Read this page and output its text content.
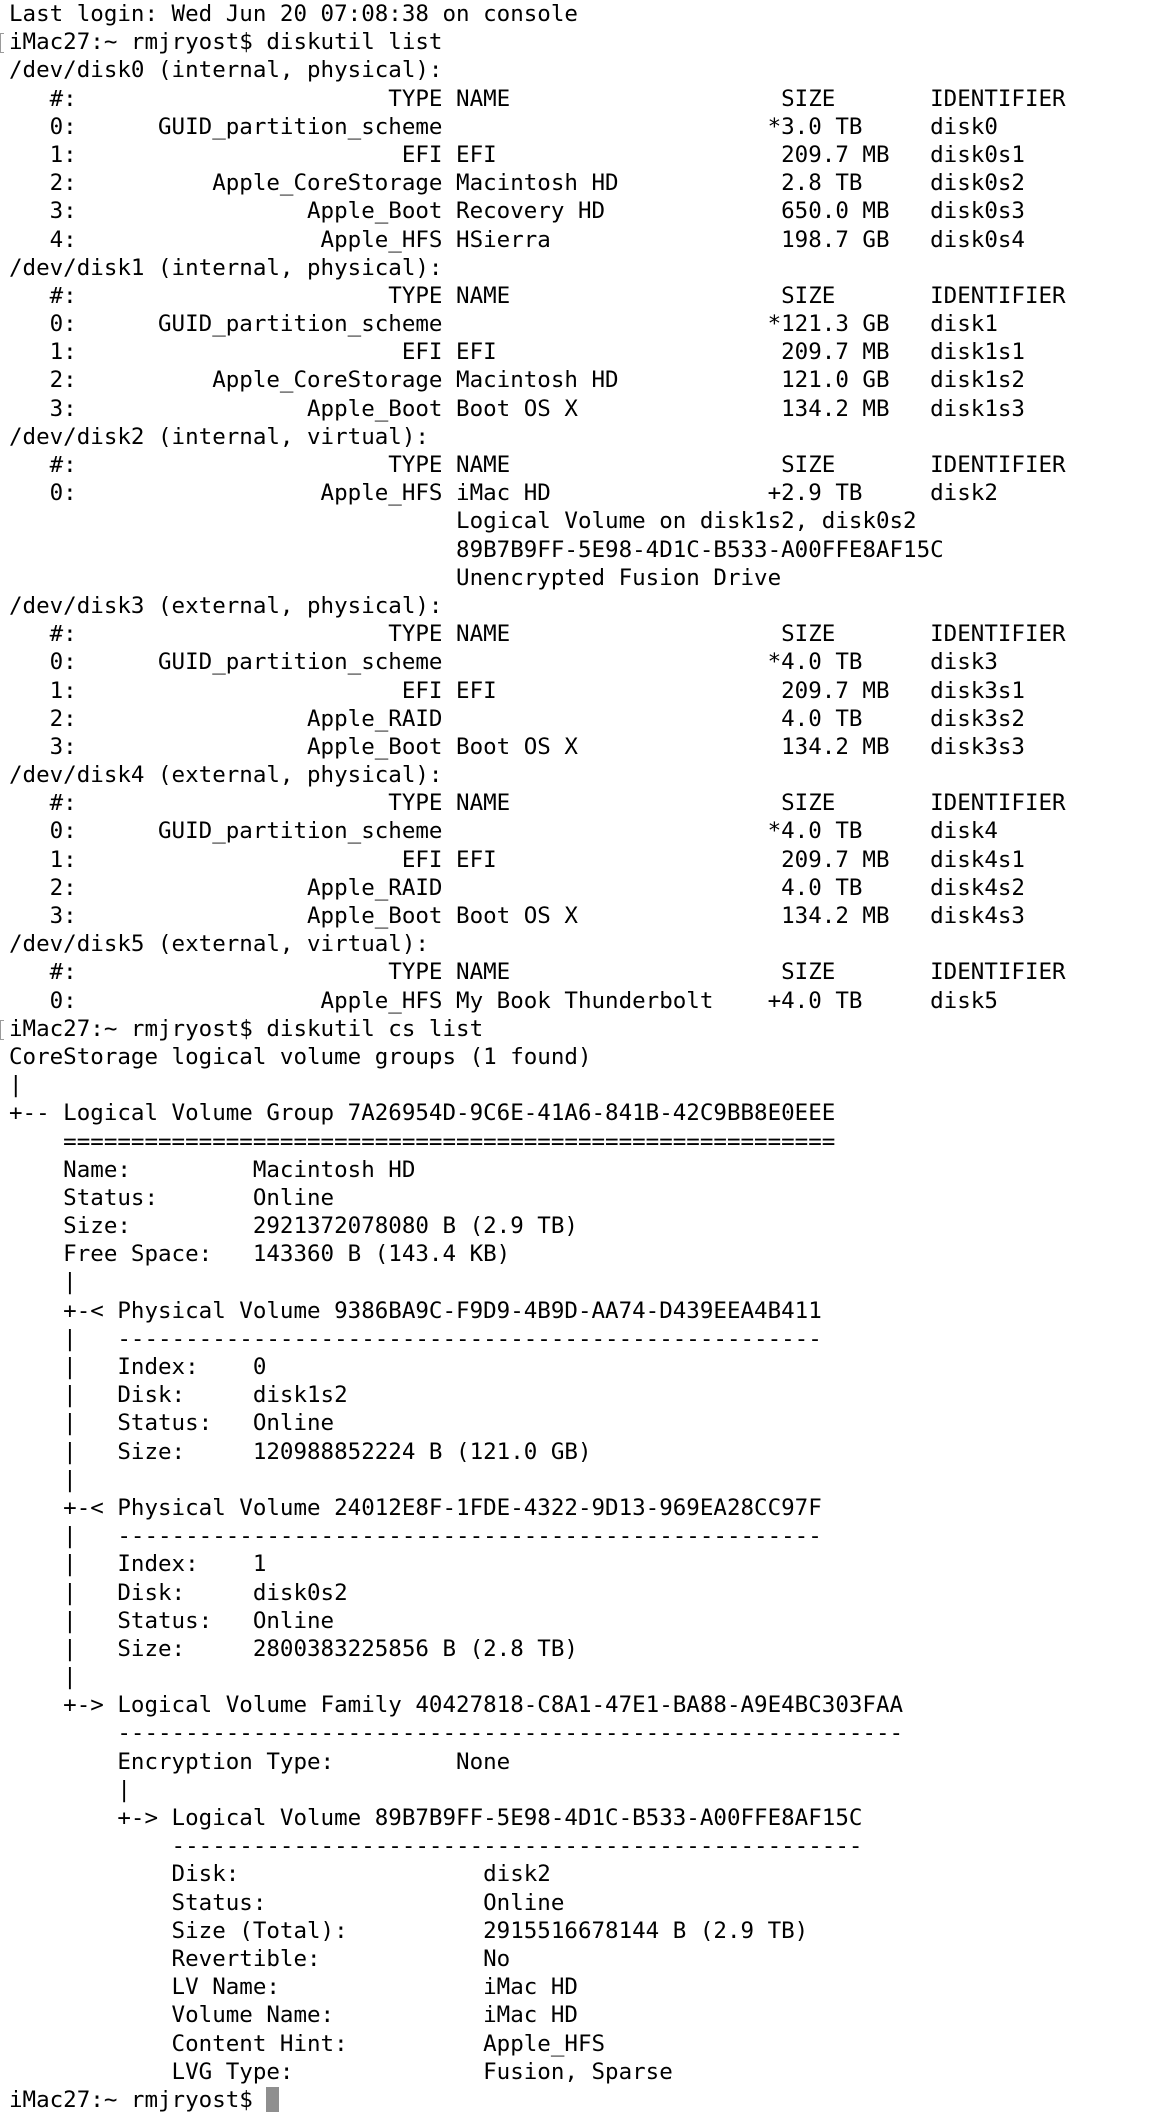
Last login: Wed Jun 20 07:08:38 on console
iMac27:~ rmjryost$ diskutil list
/dev/disk0 (internal, physical):
#:                       TYPE NAME                    SIZE       IDENTIFIER
0:      GUID_partition_scheme                        *3.0 TB     disk0
1:                        EFI EFI                     209.7 MB   disk0s1
2:          Apple_CoreStorage Macintosh HD            2.8 TB     disk0s2
3:                 Apple_Boot Recovery HD             650.0 MB   disk0s3
4:                  Apple_HFS HSierra                 198.7 GB   disk0s4
/dev/disk1 (internal, physical):
#:                       TYPE NAME                    SIZE       IDENTIFIER
0:      GUID_partition_scheme                        *121.3 GB   disk1
1:                        EFI EFI                     209.7 MB   disk1s1
2:          Apple_CoreStorage Macintosh HD            121.0 GB   disk1s2
3:                 Apple_Boot Boot OS X               134.2 MB   disk1s3
/dev/disk2 (internal, virtual):
#:                       TYPE NAME                    SIZE       IDENTIFIER
0:                  Apple_HFS iMac HD                +2.9 TB     disk2
Logical Volume on disk1s2, disk0s2
89B7B9FF-5E98-4D1C-B533-A00FFE8AF15C
Unencrypted Fusion Drive
/dev/disk3 (external, physical):
#:                       TYPE NAME                    SIZE       IDENTIFIER
0:      GUID_partition_scheme                        *4.0 TB     disk3
1:                        EFI EFI                     209.7 MB   disk3s1
2:                 Apple_RAID                         4.0 TB     disk3s2
3:                 Apple_Boot Boot OS X               134.2 MB   disk3s3
/dev/disk4 (external, physical):
#:                       TYPE NAME                    SIZE       IDENTIFIER
0:      GUID_partition_scheme                        *4.0 TB     disk4
1:                        EFI EFI                     209.7 MB   disk4s1
2:                 Apple_RAID                         4.0 TB     disk4s2
3:                 Apple_Boot Boot OS X               134.2 MB   disk4s3
/dev/disk5 (external, virtual):
#:                       TYPE NAME                    SIZE       IDENTIFIER
0:                  Apple_HFS My Book Thunderbolt    +4.0 TB     disk5
iMac27:~ rmjryost$ diskutil cs list
CoreStorage logical volume groups (1 found)
|
+-- Logical Volume Group 7A26954D-9C6E-41A6-841B-42C9BB8E0EEE
=========================================================
Name:         Macintosh HD
Status:       Online
Size:         2921372078080 B (2.9 TB)
Free Space:   143360 B (143.4 KB)
|
+-< Physical Volume 9386BA9C-F9D9-4B9D-AA74-D439EEA4B411
|   ----------------------------------------------------
|   Index:    0
|   Disk:     disk1s2
|   Status:   Online
|   Size:     120988852224 B (121.0 GB)
|
+-< Physical Volume 24012E8F-1FDE-4322-9D13-969EA28CC97F
|   ----------------------------------------------------
|   Index:    1
|   Disk:     disk0s2
|   Status:   Online
|   Size:     2800383225856 B (2.8 TB)
|
+-> Logical Volume Family 40427818-C8A1-47E1-BA88-A9E4BC303FAA
----------------------------------------------------------
Encryption Type:         None
|
+-> Logical Volume 89B7B9FF-5E98-4D1C-B533-A00FFE8AF15C
---------------------------------------------------
Disk:                  disk2
Status:                Online
Size (Total):          2915516678144 B (2.9 TB)
Revertible:            No
LV Name:               iMac HD
Volume Name:           iMac HD
Content Hint:          Apple_HFS
LVG Type:              Fusion, Sparse
iMac27:~ rmjryost$
